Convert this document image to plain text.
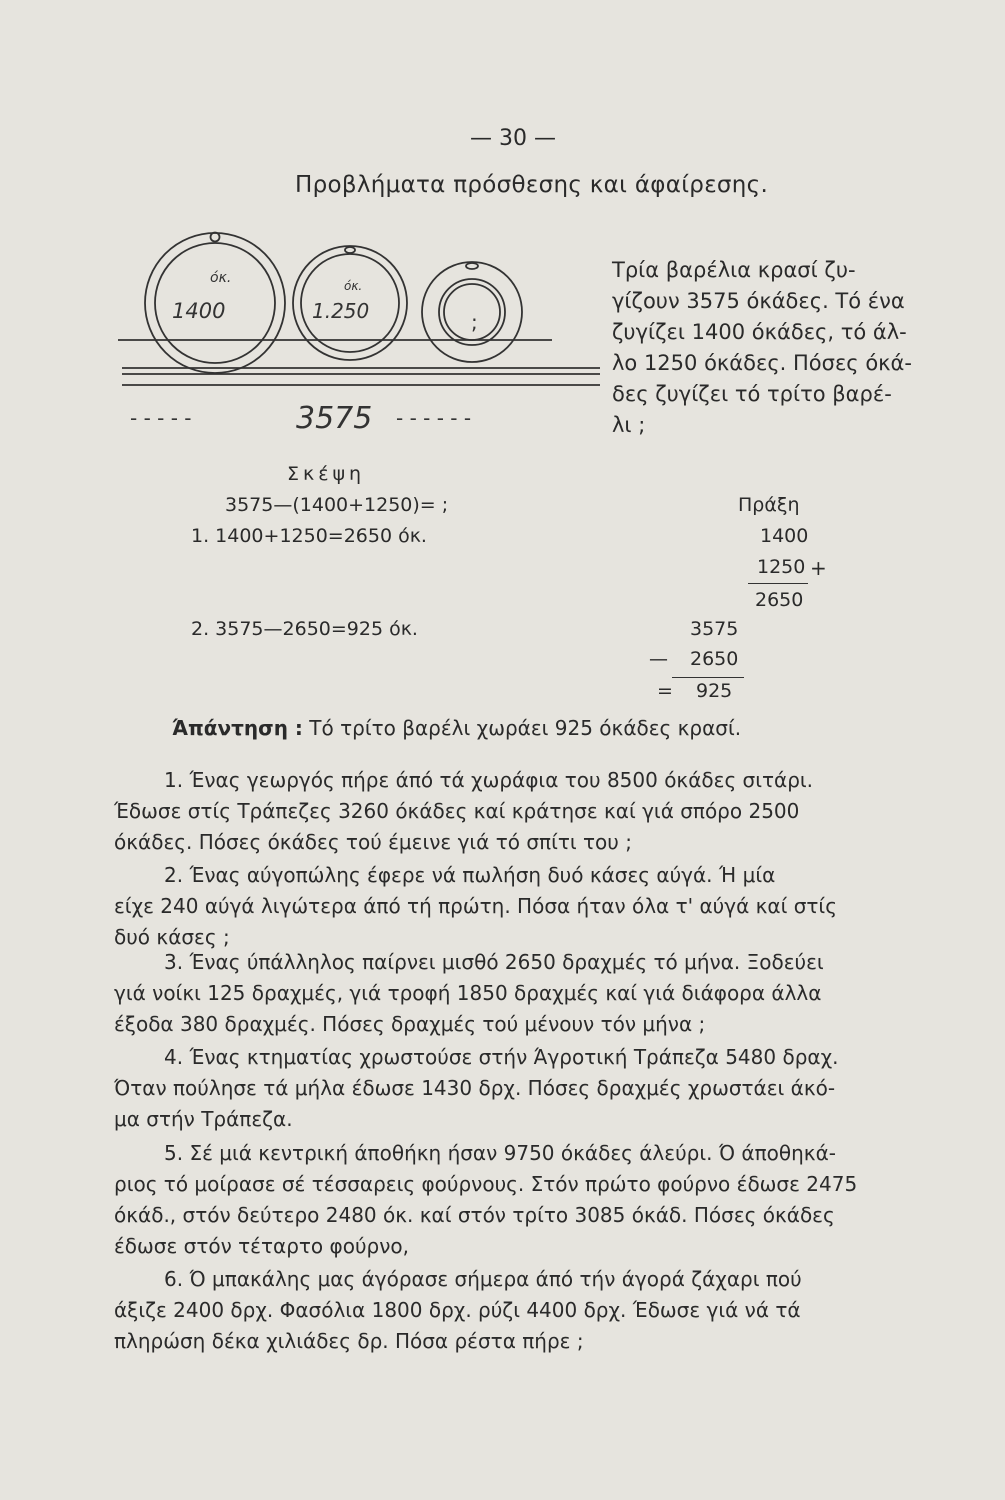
— 30 —
Προβλήματα πρόσθεσης και άφαίρεσης.
όκ.
1400
όκ.
1.250	;
- - - - -	3575 - - - - - -

Τρία βαρέλια κρασί ζυ-

γίζουν 3575 όκάδες. Τό ένα

ζυγίζει 1400 όκάδες, τό άλ-

λο 1250 όκάδες. Πόσες όκά-

δες ζυγίζει τό τρίτο βαρέ-

λι ;

Σκέψη
3575—(1400+1250)= ;
1. 1400+1250=2650 όκ.
2. 3575—2650=925 όκ.
Πράξη
1400
1250 +
2650
3575
— 2650
= 925
Άπάντηση : Τό τρίτο βαρέλι χωράει 925 όκάδες κρασί.
1. Ένας γεωργός πήρε άπό τά χωράφια του 8500 όκάδες σιτάρι.
Έδωσε στίς Τράπεζες 3260 όκάδες καί κράτησε καί γιά σπόρο 2500
όκάδες. Πόσες όκάδες τού έμεινε γιά τό σπίτι του ;
2. Ένας αύγοπώλης έφερε νά πωλήση δυό κάσες αύγά. Ή μία
είχε 240 αύγά λιγώτερα άπό τή πρώτη. Πόσα ήταν όλα τ' αύγά καί στίς
δυό κάσες ;
3. Ένας ύπάλληλος παίρνει μισθό 2650 δραχμές τό μήνα. Ξοδεύει
γιά νοίκι 125 δραχμές, γιά τροφή 1850 δραχμές καί γιά διάφορα άλλα
έξοδα 380 δραχμές. Πόσες δραχμές τού μένουν τόν μήνα ;
4. Ένας κτηματίας χρωστούσε στήν Άγροτική Τράπεζα 5480 δραχ.
Όταν πούλησε τά μήλα έδωσε 1430 δρχ. Πόσες δραχμές χρωστάει άκό-
μα στήν Τράπεζα.
5. Σέ μιά κεντρική άποθήκη ήσαν 9750 όκάδες άλεύρι. Ό άποθηκά-
ριος τό μοίρασε σέ τέσσαρεις φούρνους. Στόν πρώτο φούρνο έδωσε 2475
όκάδ., στόν δεύτερο 2480 όκ. καί στόν τρίτο 3085 όκάδ. Πόσες όκάδες
έδωσε στόν τέταρτο φούρνο,
6. Ό μπακάλης μας άγόρασε σήμερα άπό τήν άγορά ζάχαρι πού
άξιζε 2400 δρχ. Φασόλια 1800 δρχ. ρύζι 4400 δρχ. Έδωσε γιά νά τά
πληρώση δέκα χιλιάδες δρ. Πόσα ρέστα πήρε ;
